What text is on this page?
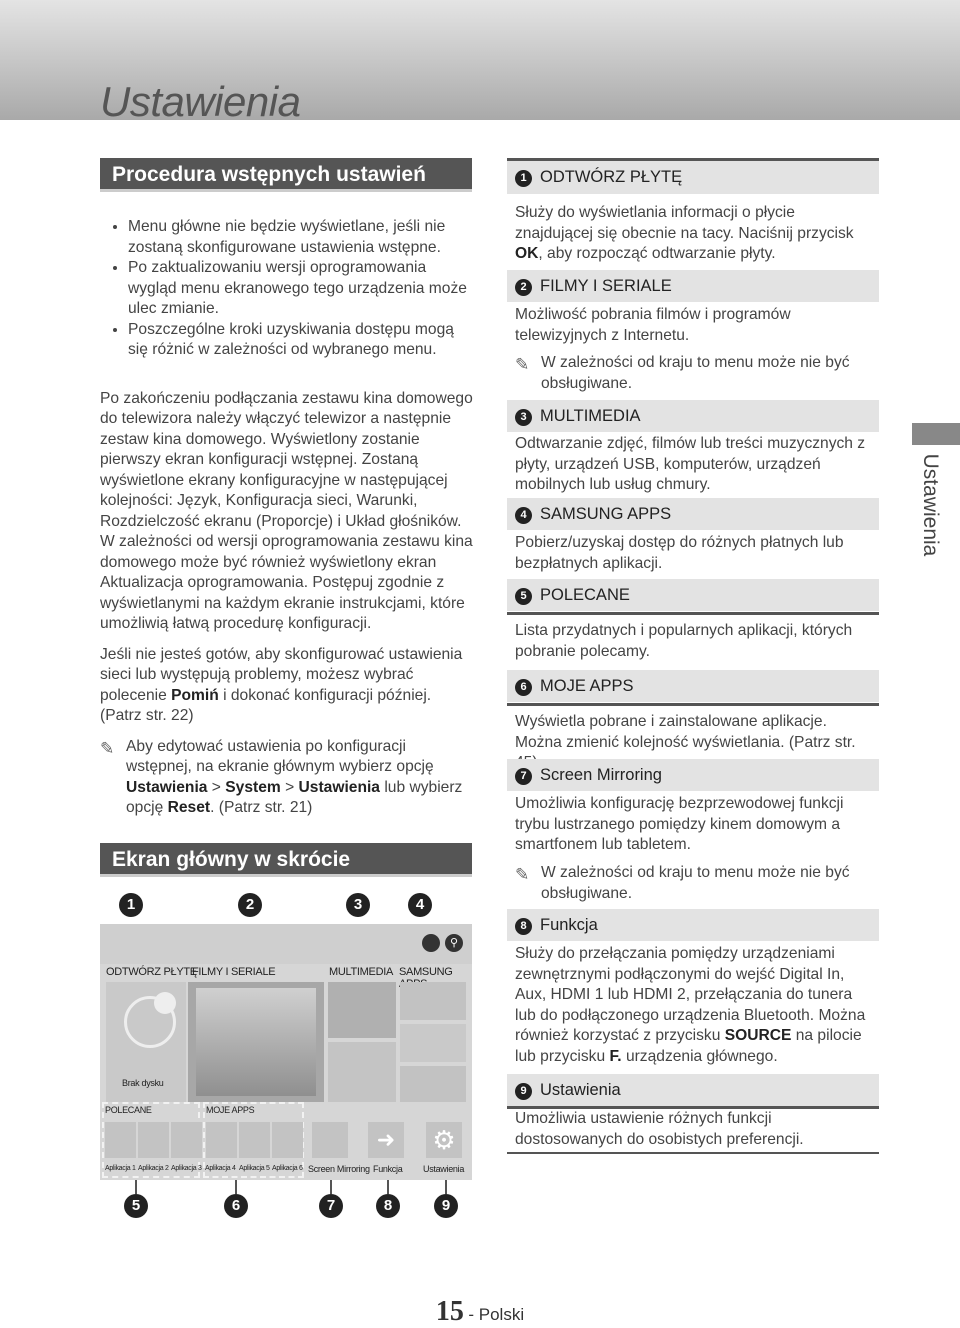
Ustawienia
Ustawienia
Procedura wstępnych ustawień
• Menu główne nie będzie wyświetlane, jeśli nie zostaną skonfigurowane ustawienia wstępne.
• Po zaktualizowaniu wersji oprogramowania wygląd menu ekranowego tego urządzenia może ulec zmianie.
• Poszczególne kroki uzyskiwania dostępu mogą się różnić w zależności od wybranego menu.

Po zakończeniu podłączania zestawu kina domowego do telewizora należy włączyć telewizor a następnie zestaw kina domowego. Wyświetlony zostanie pierwszy ekran konfiguracji wstępnej. Zostaną wyświetlone ekrany konfiguracyjne w następującej kolejności: Język, Konfiguracja sieci, Warunki, Rozdzielczość ekranu (Proporcje) i Układ głośników. W zależności od wersji oprogramowania zestawu kina domowego może być również wyświetlony ekran Aktualizacja oprogramowania. Postępuj zgodnie z wyświetlanymi na każdym ekranie instrukcjami, które umożliwią łatwą procedurę konfiguracji.

Jeśli nie jesteś gotów, aby skonfigurować ustawienia sieci lub występują problemy, możesz wybrać polecenie Pomiń i dokonać konfiguracji później. (Patrz str. 22)

✎ Aby edytować ustawienia po konfiguracji wstępnej, na ekranie głównym wybierz opcję Ustawienia > System > Ustawienia lub wybierz opcję Reset. (Patrz str. 21)
Ekran główny w skrócie
1	2	3	4
⚲
ODTWÓRZ PŁYTĘ
FILMY I SERIALE	MULTIMEDIA SAMSUNG
Brak dysku
POLECANE	MOJE APPS
➜	⚙
Aplikacja 1 Aplikacja 2 Aplikacja 3 Aplikacja 4 Aplikacja 5 Aplikacja 6 Screen Mirroring Funkcja Ustawienia
5	6	7	8	9
1 ODTWÓRZ PŁYTĘ
Służy do wyświetlania informacji o płycie znajdującej się obecnie na tacy. Naciśnij przycisk OK, aby rozpocząć odtwarzanie płyty.
2 FILMY I SERIALE
Możliwość pobrania filmów i programów telewizyjnych z Internetu.
✎ W zależności od kraju to menu może nie być obsługiwane.
3 MULTIMEDIA
Odtwarzanie zdjęć, filmów lub treści muzycznych z płyty, urządzeń USB, komputerów, urządzeń mobilnych lub usług chmury.
4 SAMSUNG APPS
Pobierz/uzyskaj dostęp do różnych płatnych lub bezpłatnych aplikacji.
5 POLECANE
Lista przydatnych i popularnych aplikacji, których pobranie polecamy.
6 MOJE APPS
Wyświetla pobrane i zainstalowane aplikacje. Można zmienić kolejność wyświetlania. (Patrz str.
7 Screen Mirroring
Umożliwia konfigurację bezprzewodowej funkcji trybu lustrzanego pomiędzy kinem domowym a smartfonem lub tabletem.
✎ W zależności od kraju to menu może nie być obsługiwane.
8 Funkcja
Służy do przełączania pomiędzy urządzeniami zewnętrznymi podłączonymi do wejść Digital In, Aux, HDMI 1 lub HDMI 2, przełączania do tunera lub do podłączonego urządzenia Bluetooth. Można również korzystać z przycisku SOURCE na pilocie lub przycisku F. urządzenia głównego.
9 Ustawienia
Umożliwia ustawienie różnych funkcji dostosowanych do osobistych preferencji.
15 - Polski
